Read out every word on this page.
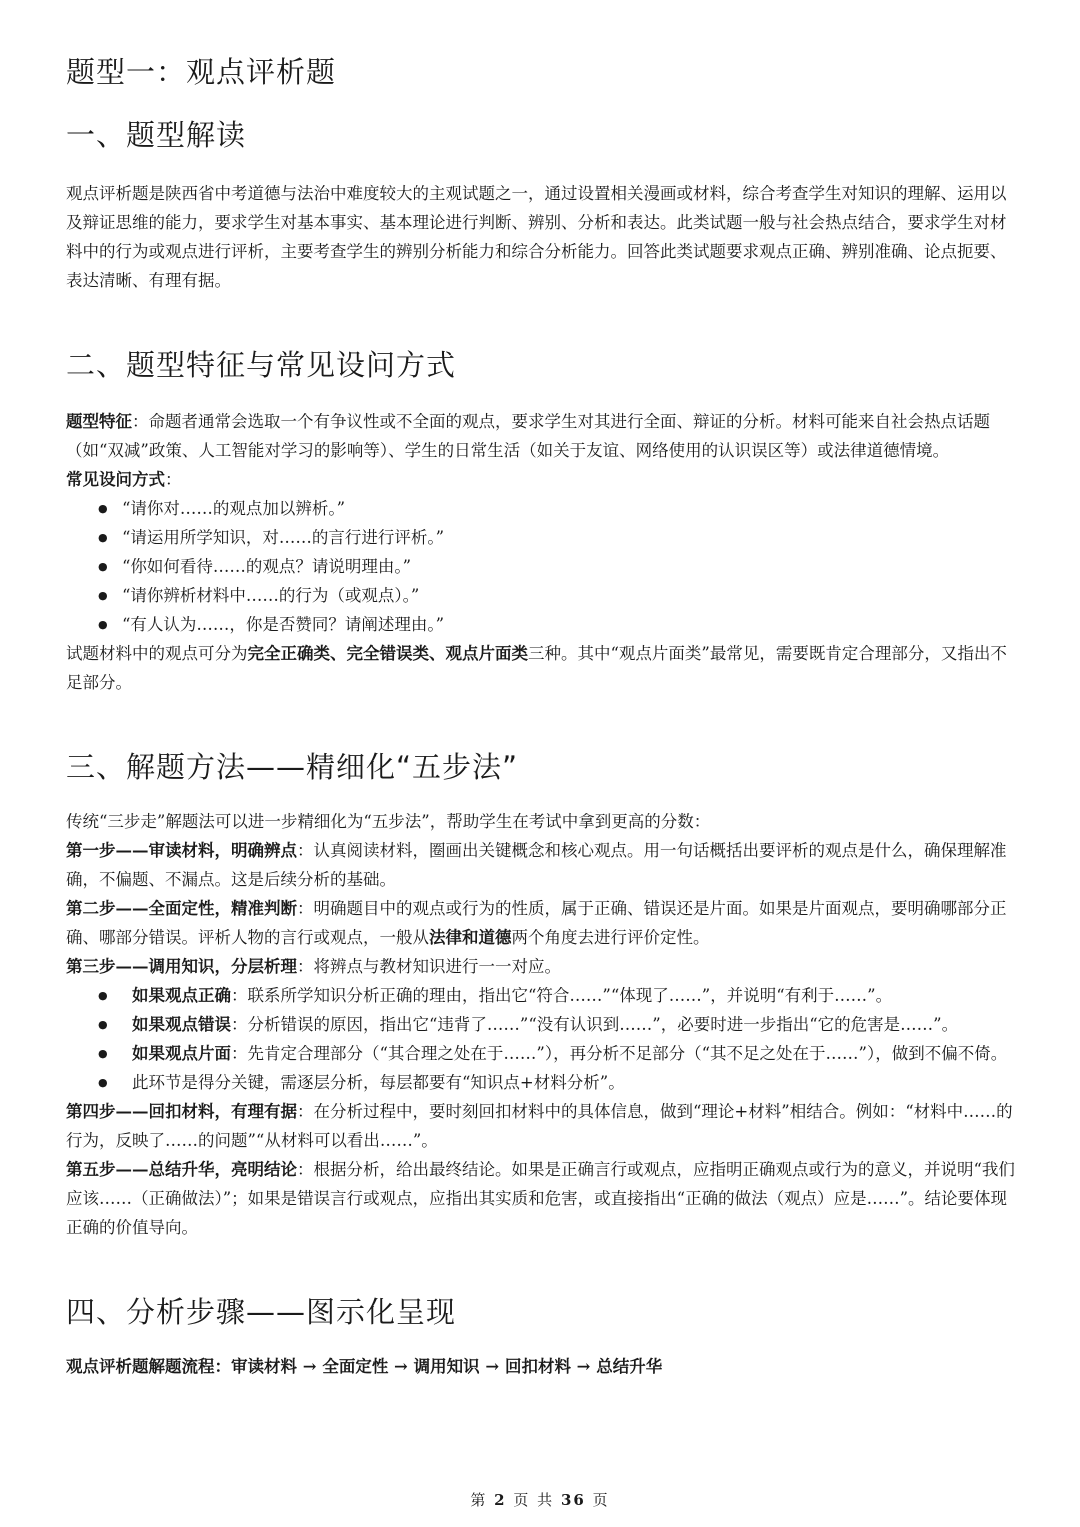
题型一：观点评析题
一、题型解读

观点评析题是陕西省中考道德与法治中难度较大的主观试题之一，通过设置相关漫画或材料，综合考查学生对知识的理解、运用以及辩证思维的能力，要求学生对基本事实、基本理论进行判断、辨别、分析和表达。此类试题一般与社会热点结合，要求学生对材料中的行为或观点进行评析，主要考查学生的辨别分析能力和综合分析能力。回答此类试题要求观点正确、辨别准确、论点扼要、表达清晰、有理有据。

二、题型特征与常见设问方式

题型特征：命题者通常会选取一个有争议性或不全面的观点，要求学生对其进行全面、辩证的分析。材料可能来自社会热点话题（如“双减”政策、人工智能对学习的影响等）、学生的日常生活（如关于友谊、网络使用的认识误区等）或法律道德情境。

常见设问方式：

● “请你对……的观点加以辨析。”
● “请运用所学知识，对……的言行进行评析。”
● “你如何看待……的观点？请说明理由。”
● “请你辨析材料中……的行为（或观点）。”
● “有人认为……，你是否赞同？请阐述理由。”

试题材料中的观点可分为完全正确类、完全错误类、观点片面类三种。其中“观点片面类”最常见，需要既肯定合理部分，又指出不足部分。

三、解题方法——精细化“五步法”

传统“三步走”解题法可以进一步精细化为“五步法”，帮助学生在考试中拿到更高的分数：

第一步——审读材料，明确辨点：认真阅读材料，圈画出关键概念和核心观点。用一句话概括出要评析的观点是什么，确保理解准确，不偏题、不漏点。这是后续分析的基础。

第二步——全面定性，精准判断：明确题目中的观点或行为的性质，属于正确、错误还是片面。如果是片面观点，要明确哪部分正确、哪部分错误。评析人物的言行或观点，一般从法律和道德两个角度去进行评价定性。

第三步——调用知识，分层析理：将辨点与教材知识进行一一对应。

● 如果观点正确：联系所学知识分析正确的理由，指出它“符合……”“体现了……”，并说明“有利于……”。
● 如果观点错误：分析错误的原因，指出它“违背了……”“没有认识到……”，必要时进一步指出“它的危害是……”。
● 如果观点片面：先肯定合理部分（“其合理之处在于……”），再分析不足部分（“其不足之处在于……”），做到不偏不倚。
● 此环节是得分关键，需逐层分析，每层都要有“知识点+材料分析”。

第四步——回扣材料，有理有据：在分析过程中，要时刻回扣材料中的具体信息，做到“理论+材料”相结合。例如：“材料中……的行为，反映了……的问题”“从材料可以看出……”。

第五步——总结升华，亮明结论：根据分析，给出最终结论。如果是正确言行或观点，应指明正确观点或行为的意义，并说明“我们应该……（正确做法）”；如果是错误言行或观点，应指出其实质和危害，或直接指出“正确的做法（观点）应是……”。结论要体现正确的价值导向。

四、分析步骤——图示化呈现

观点评析题解题流程：审读材料 → 全面定性 → 调用知识 → 回扣材料 → 总结升华

第 2 页 共 36 页
